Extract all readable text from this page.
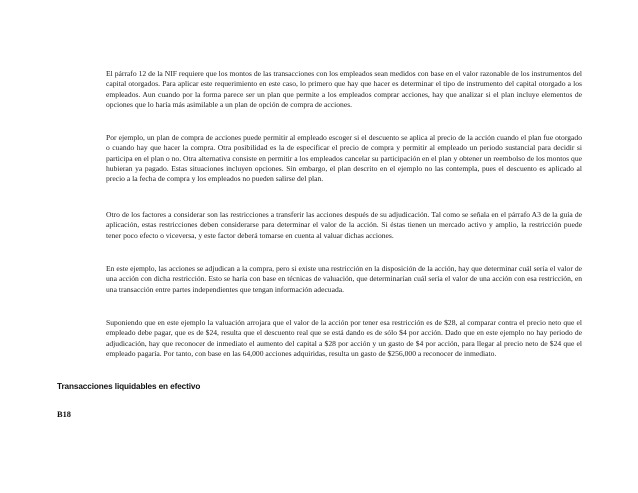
El párrafo 12 de la NIF requiere que los montos de las transacciones con los empleados sean medidos con base en el valor razonable de los instrumentos del capital otorgados. Para aplicar este requerimiento en este caso, lo primero que hay que hacer es determinar el tipo de instrumento del capital otorgado a los empleados. Aun cuando por la forma parece ser un plan que permite a los empleados comprar acciones, hay que analizar si el plan incluye elementos de opciones que lo haría más asimilable a un plan de opción de compra de acciones.

Por ejemplo, un plan de compra de acciones puede permitir al empleado escoger si el descuento se aplica al precio de la acción cuando el plan fue otorgado o cuando hay que hacer la compra. Otra posibilidad es la de especificar el precio de compra y permitir al empleado un periodo sustancial para decidir si participa en el plan o no. Otra alternativa consiste en permitir a los empleados cancelar su participación en el plan y obtener un reembolso de los montos que hubieran ya pagado. Estas situaciones incluyen opciones. Sin embargo, el plan descrito en el ejemplo no las contempla, pues el descuento es aplicado al precio a la fecha de compra y los empleados no pueden salirse del plan.

Otro de los factores a considerar son las restricciones a transferir las acciones después de su adjudicación. Tal como se señala en el párrafo A3 de la guía de aplicación, estas restricciones deben considerarse para determinar el valor de la acción. Si éstas tienen un mercado activo y amplio, la restricción puede tener poco efecto o viceversa, y este factor deberá tomarse en cuenta al valuar dichas acciones.

En este ejemplo, las acciones se adjudican a la compra, pero si existe una restricción en la disposición de la acción, hay que determinar cuál sería el valor de una acción con dicha restricción. Esto se haría con base en técnicas de valuación, que determinarían cuál sería el valor de una acción con esa restricción, en una transacción entre partes independientes que tengan información adecuada.

Suponiendo que en este ejemplo la valuación arrojara que el valor de la acción por tener esa restricción es de $28, al comparar contra el precio neto que el empleado debe pagar, que es de $24, resulta que el descuento real que se está dando es de sólo $4 por acción. Dado que en este ejemplo no hay periodo de adjudicación, hay que reconocer de inmediato el aumento del capital a $28 por acción y un gasto de $4 por acción, para llegar al precio neto de $24 que el empleado pagaría. Por tanto, con base en las 64,000 acciones adquiridas, resulta un gasto de $256,000 a reconocer de inmediato.

Transacciones liquidables en efectivo
B18
